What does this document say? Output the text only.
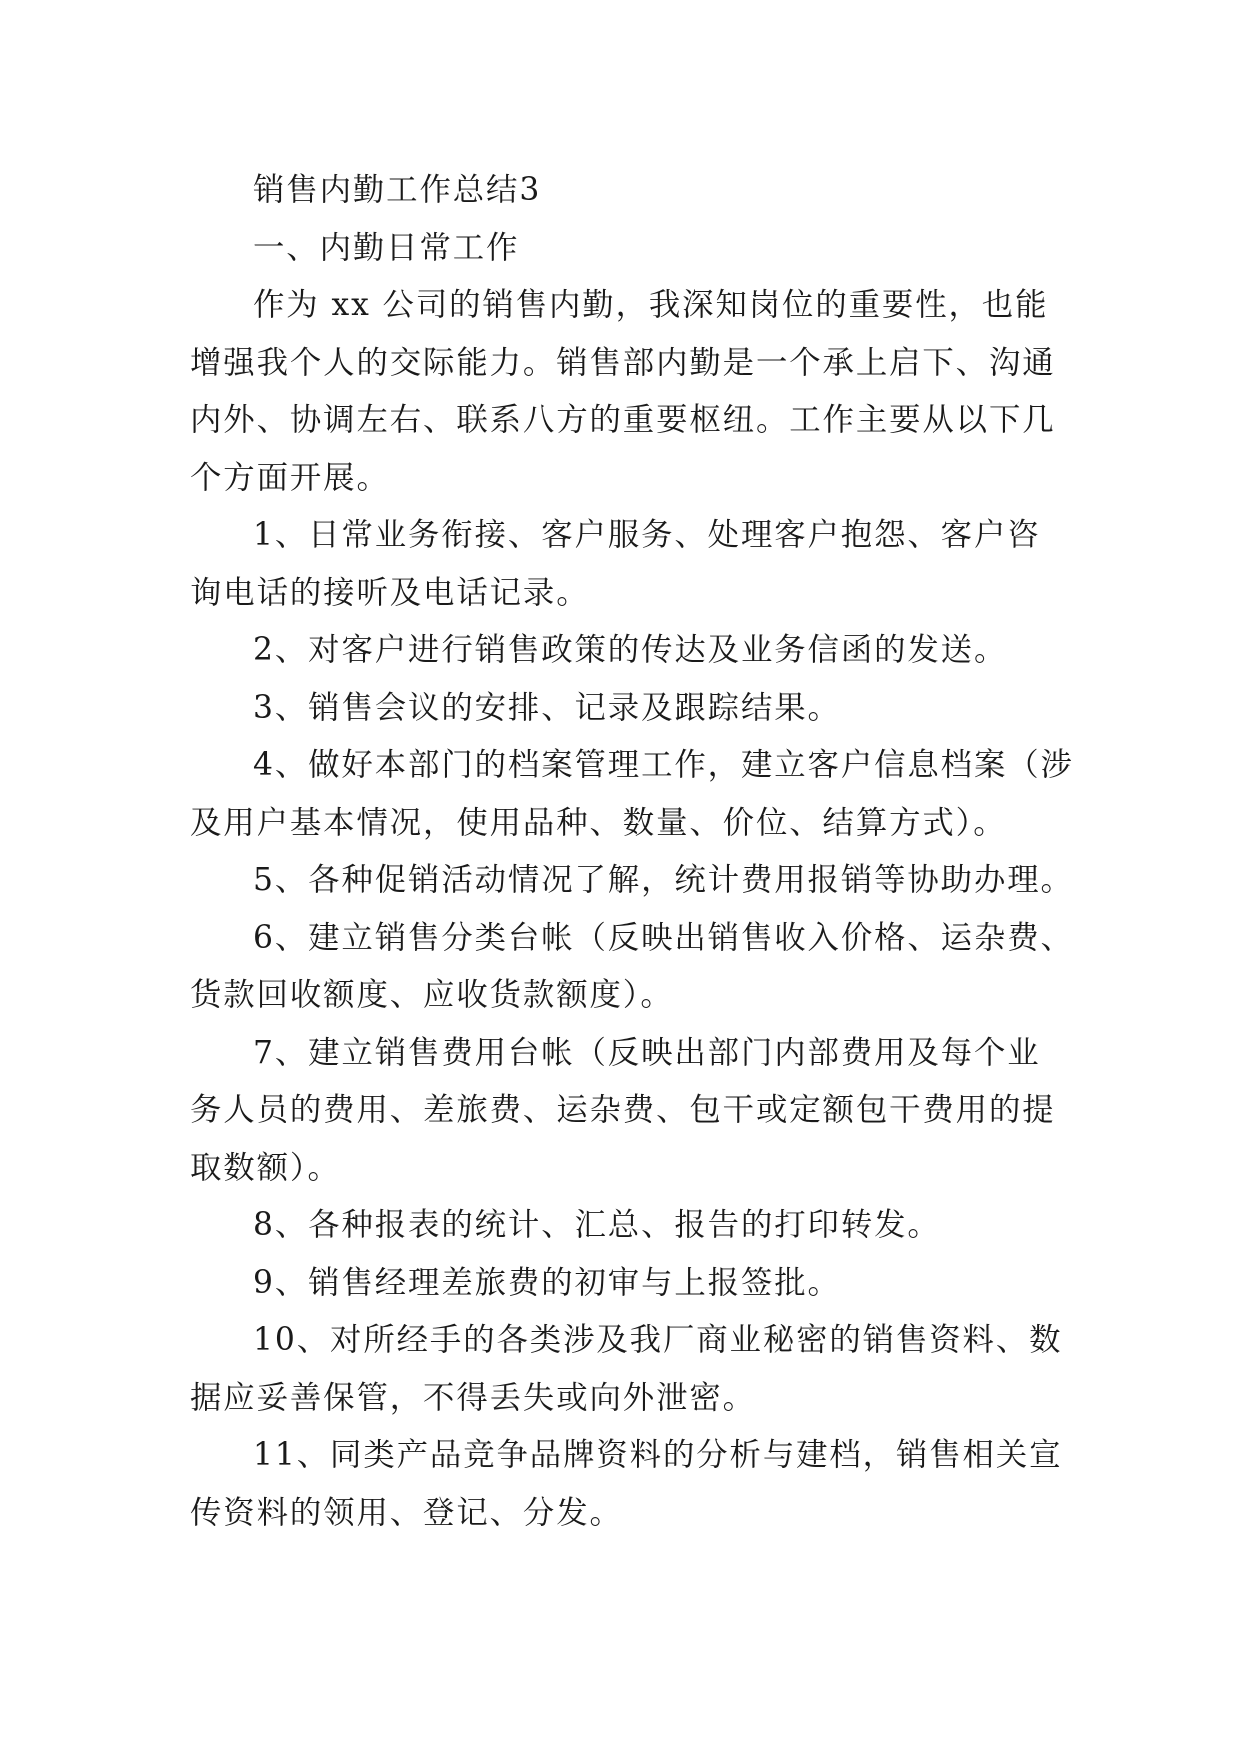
销售内勤工作总结3
一、内勤日常工作
作为 xx 公司的销售内勤，我深知岗位的重要性，也能
增强我个人的交际能力。销售部内勤是一个承上启下、沟通
内外、协调左右、联系八方的重要枢纽。工作主要从以下几
个方面开展。
1、日常业务衔接、客户服务、处理客户抱怨、客户咨
询电话的接听及电话记录。
2、对客户进行销售政策的传达及业务信函的发送。
3、销售会议的安排、记录及跟踪结果。
4、做好本部门的档案管理工作，建立客户信息档案（涉
及用户基本情况，使用品种、数量、价位、结算方式）。
5、各种促销活动情况了解，统计费用报销等协助办理。
6、建立销售分类台帐（反映出销售收入价格、运杂费、
货款回收额度、应收货款额度）。
7、建立销售费用台帐（反映出部门内部费用及每个业
务人员的费用、差旅费、运杂费、包干或定额包干费用的提
取数额）。
8、各种报表的统计、汇总、报告的打印转发。
9、销售经理差旅费的初审与上报签批。
10、对所经手的各类涉及我厂商业秘密的销售资料、数
据应妥善保管，不得丢失或向外泄密。
11、同类产品竞争品牌资料的分析与建档，销售相关宣
传资料的领用、登记、分发。
